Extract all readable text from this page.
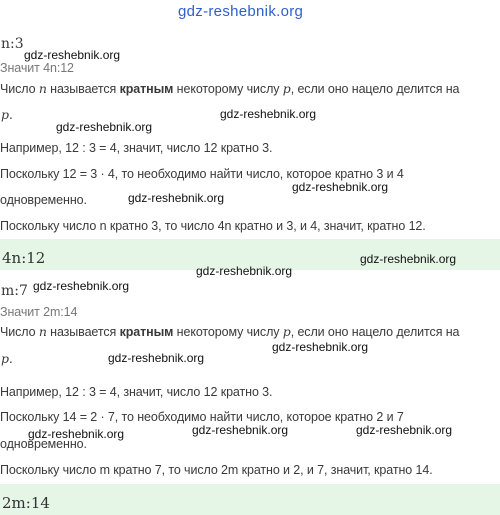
gdz-reshebnik.org
n:3
gdz-reshebnik.org
Значит 4n:12
Число n называется кратным некоторому числу p, если оно нацело делится на
p.	gdz-reshebnik.org
gdz-reshebnik.org
Например, 12 : 3 = 4, значит, число 12 кратно 3.
Поскольку 12 = 3 · 4, то необходимо найти число, которое кратно 3 и 4
gdz-reshebnik.org
одновременно.	gdz-reshebnik.org
Поскольку число n кратно 3, то число 4n кратно и 3, и 4, значит, кратно 12.
4n:12	gdz-reshebnik.org
gdz-reshebnik.org
m:7 gdz-reshebnik.org
Значит 2m:14
Число n называется кратным некоторому числу p, если оно нацело делится на
gdz-reshebnik.org
p.	gdz-reshebnik.org
Например, 12 : 3 = 4, значит, число 12 кратно 3.
Поскольку 14 = 2 · 7, то необходимо найти число, которое кратно 2 и 7
gdz-reshebnik.org	gdz-reshebnik.org	gdz-reshebnik.org
одновременно.
Поскольку число m кратно 7, то число 2m кратно и 2, и 7, значит, кратно 14.
2m:14
